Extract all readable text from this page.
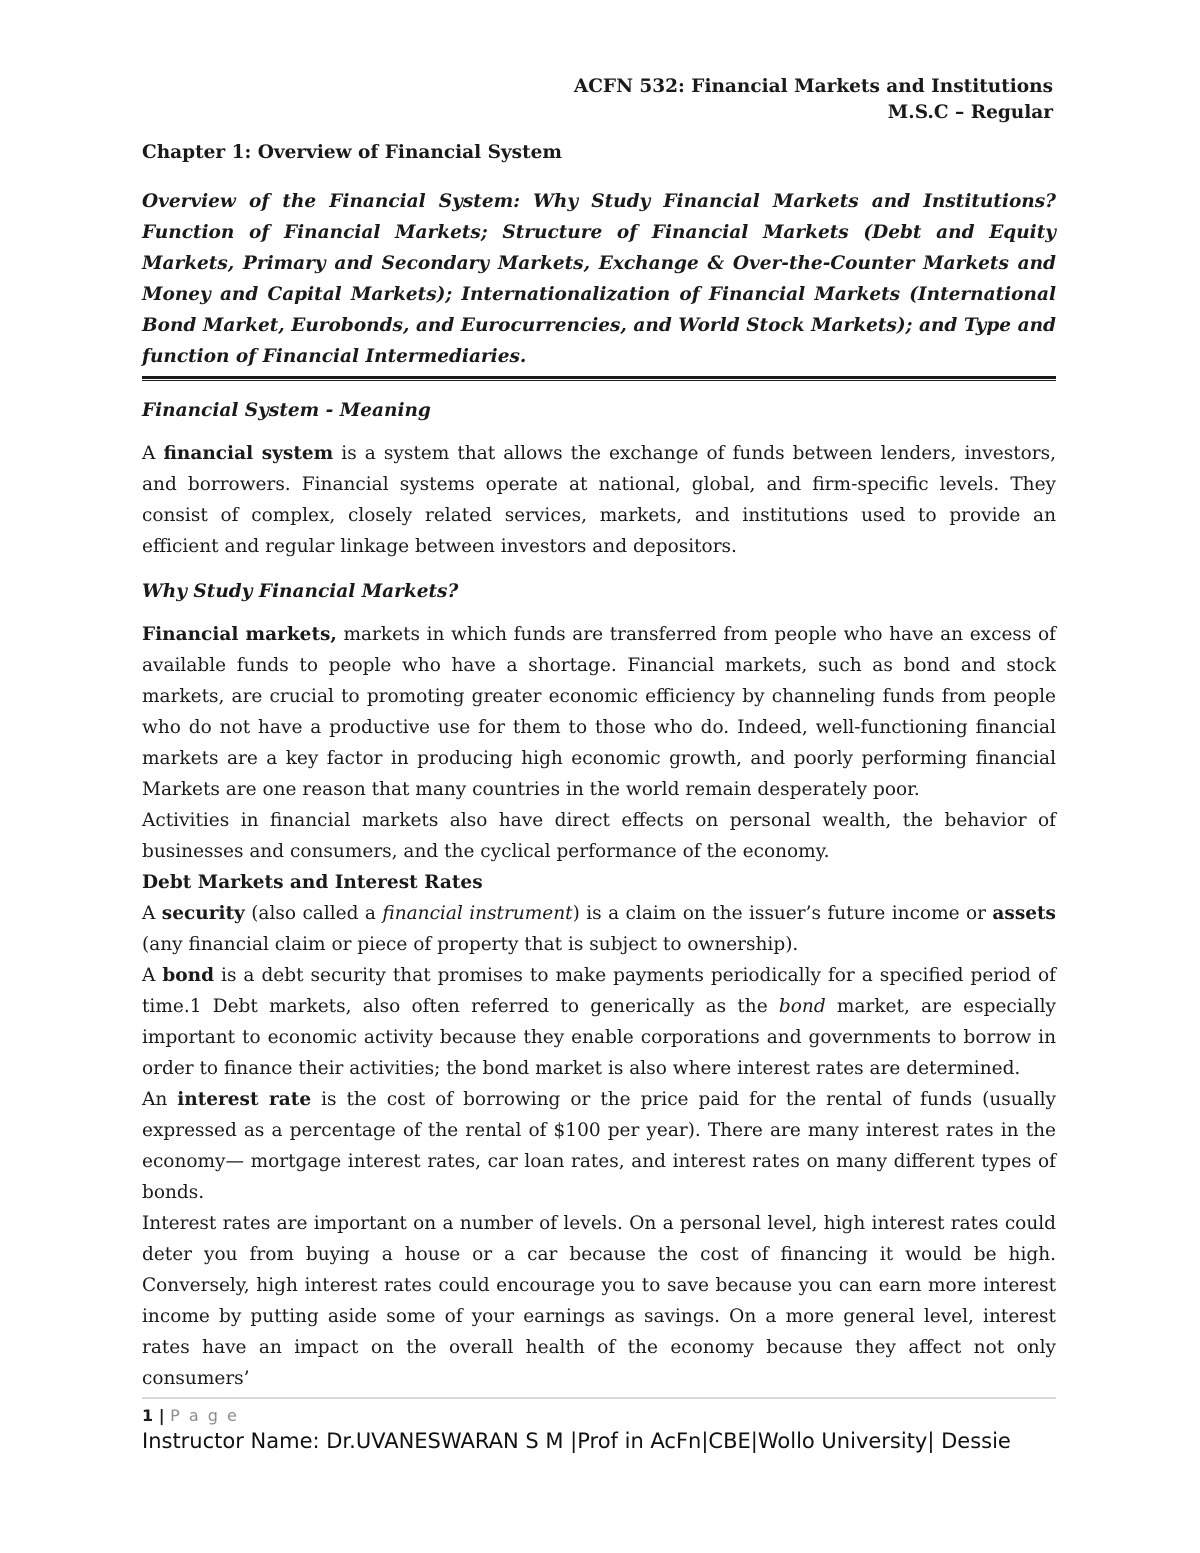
ACFN 532: Financial Markets and Institutions
M.S.C – Regular
Chapter 1: Overview of Financial System

Overview of the Financial System: Why Study Financial Markets and Institutions? Function of Financial Markets; Structure of Financial Markets (Debt and Equity Markets, Primary and Secondary Markets, Exchange & Over-the-Counter Markets and Money and Capital Markets); Internationalization of Financial Markets (International Bond Market, Eurobonds, and Eurocurrencies, and World Stock Markets); and Type and function of Financial Intermediaries.

Financial System - Meaning

A financial system is a system that allows the exchange of funds between lenders, investors, and borrowers. Financial systems operate at national, global, and firm-specific levels. They consist of complex, closely related services, markets, and institutions used to provide an efficient and regular linkage between investors and depositors.

Why Study Financial Markets?

Financial markets, markets in which funds are transferred from people who have an excess of available funds to people who have a shortage. Financial markets, such as bond and stock markets, are crucial to promoting greater economic efficiency by channeling funds from people who do not have a productive use for them to those who do. Indeed, well-functioning financial markets are a key factor in producing high economic growth, and poorly performing financial Markets are one reason that many countries in the world remain desperately poor.

Activities in financial markets also have direct effects on personal wealth, the behavior of businesses and consumers, and the cyclical performance of the economy.

Debt Markets and Interest Rates

A security (also called a financial instrument) is a claim on the issuer’s future income or assets (any financial claim or piece of property that is subject to ownership).

A bond is a debt security that promises to make payments periodically for a specified period of time.1 Debt markets, also often referred to generically as the bond market, are especially important to economic activity because they enable corporations and governments to borrow in order to finance their activities; the bond market is also where interest rates are determined.

An interest rate is the cost of borrowing or the price paid for the rental of funds (usually expressed as a percentage of the rental of $100 per year). There are many interest rates in the economy— mortgage interest rates, car loan rates, and interest rates on many different types of bonds.

Interest rates are important on a number of levels. On a personal level, high interest rates could deter you from buying a house or a car because the cost of financing it would be high. Conversely, high interest rates could encourage you to save because you can earn more interest income by putting aside some of your earnings as savings. On a more general level, interest rates have an impact on the overall health of the economy because they affect not only consumers’

1 | P a g e
Instructor Name: Dr.UVANESWARAN S M |Prof in AcFn|CBE|Wollo University| Dessie
